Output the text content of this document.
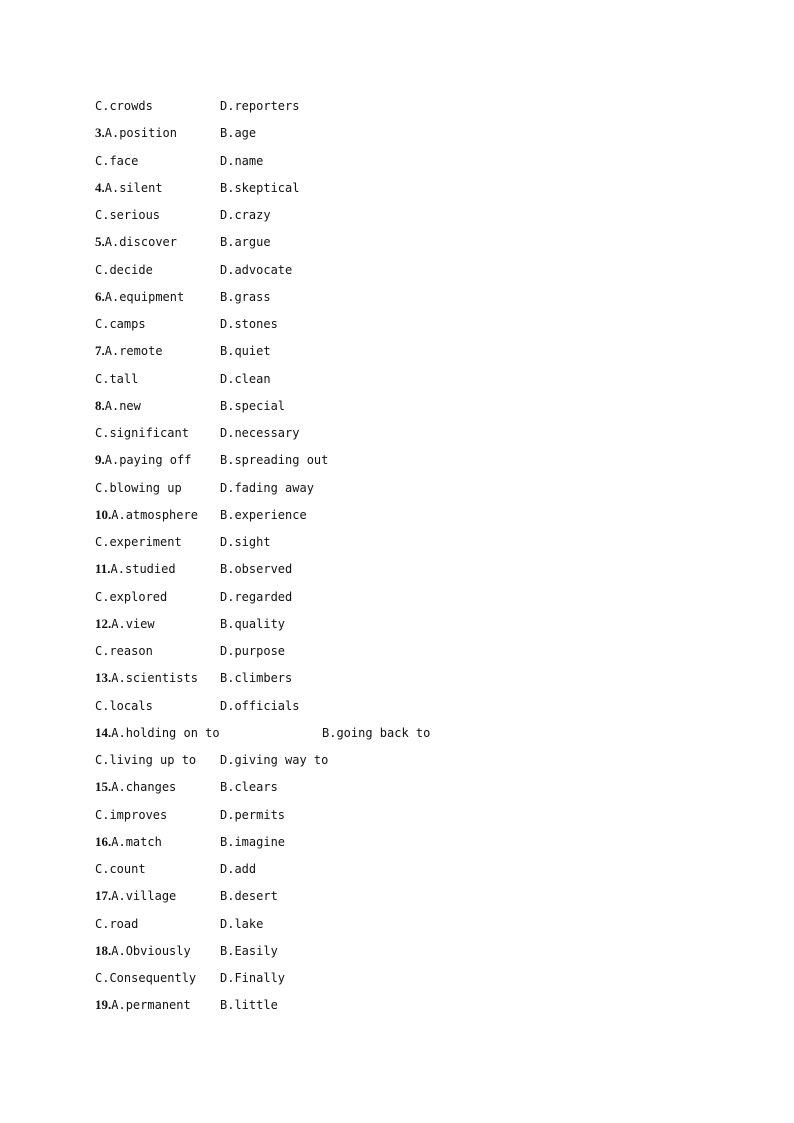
C.crowds	D.reporters
3.A.position	B.age
C.face	D.name
4.A.silent	B.skeptical
C.serious	D.crazy
5.A.discover	B.argue
C.decide	D.advocate
6.A.equipment	B.grass
C.camps	D.stones
7.A.remote	B.quiet
C.tall	D.clean
8.A.new	B.special
C.significant	D.necessary
9.A.paying off B.spreading out
C.blowing up	D.fading away
10.A.atmosphere B.experience
C.experiment	D.sight
11.A.studied	B.observed
C.explored	D.regarded
12.A.view	B.quality
C.reason	D.purpose
13.A.scientists B.climbers
C.locals	D.officials
14.A.holding on to	B.going back to
C.living up to D.giving way to
15.A.changes	B.clears
C.improves	D.permits
16.A.match	B.imagine
C.count	D.add
17.A.village	B.desert
C.road	D.lake
18.A.Obviously B.Easily
C.Consequently D.Finally
19.A.permanent B.little
